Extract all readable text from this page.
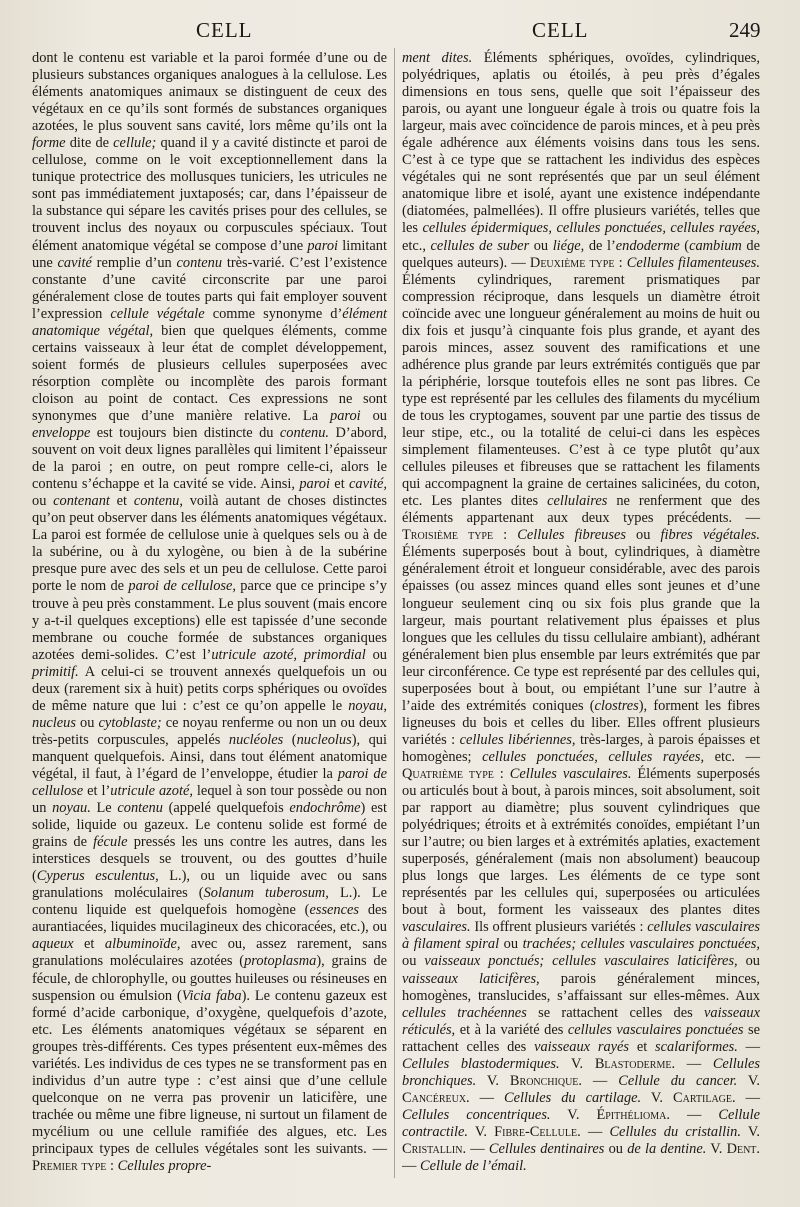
CELL	CELL	249

dont le contenu est variable et la paroi formée d’une ou de plusieurs substances organiques analogues à la cellulose. Les éléments anatomiques animaux se distinguent de ceux des végétaux en ce qu’ils sont formés de substances organiques azotées, le plus souvent sans cavité, lors même qu’ils ont la forme dite de cellule; quand il y a cavité distincte et paroi de cellulose, comme on le voit exceptionnellement dans la tunique protectrice des mollusques tuniciers, les utricules ne sont pas immédiatement juxtaposés; car, dans l’épaisseur de la substance qui sépare les cavités prises pour des cellules, se trouvent inclus des noyaux ou corpuscules spéciaux. Tout élément anatomique végétal se compose d’une paroi limitant une cavité remplie d’un contenu très-varié. C’est l’existence constante d’une cavité circonscrite par une paroi généralement close de toutes parts qui fait employer souvent l’expression cellule végétale comme synonyme d’élément anatomique végétal, bien que quelques éléments, comme certains vaisseaux à leur état de complet développement, soient formés de plusieurs cellules superposées avec résorption complète ou incomplète des parois formant cloison au point de contact. Ces expressions ne sont synonymes que d’une manière relative. La paroi ou enveloppe est toujours bien distincte du contenu. D’abord, souvent on voit deux lignes parallèles qui limitent l’épaisseur de la paroi ; en outre, on peut rompre celle-ci, alors le contenu s’échappe et la cavité se vide. Ainsi, paroi et cavité, ou contenant et contenu, voilà autant de choses distinctes qu’on peut observer dans les éléments anatomiques végétaux. La paroi est formée de cellulose unie à quelques sels ou à de la subérine, ou à du xylogène, ou bien à de la subérine presque pure avec des sels et un peu de cellulose. Cette paroi porte le nom de paroi de cellulose, parce que ce principe s’y trouve à peu près constamment. Le plus souvent (mais encore y a-t-il quelques exceptions) elle est tapissée d’une seconde membrane ou couche formée de substances organiques azotées demi-solides. C’est l’utricule azoté, primordial ou primitif. A celui-ci se trouvent annexés quelquefois un ou deux (rarement six à huit) petits corps sphériques ou ovoïdes de même nature que lui : c’est ce qu’on appelle le noyau, nucleus ou cytoblaste; ce noyau renferme ou non un ou deux très-petits corpuscules, appelés nucléoles (nucleolus), qui manquent quelquefois. Ainsi, dans tout élément anatomique végétal, il faut, à l’égard de l’enveloppe, étudier la paroi de cellulose et l’utricule azoté, lequel à son tour possède ou non un noyau. Le contenu (appelé quelquefois endochrôme) est solide, liquide ou gazeux. Le contenu solide est formé de grains de fécule pressés les uns contre les autres, dans les interstices desquels se trouvent, ou des gouttes d’huile (Cyperus esculentus, L.), ou un liquide avec ou sans granulations moléculaires (Solanum tuberosum, L.). Le contenu liquide est quelquefois homogène (essences des aurantiacées, liquides mucilagineux des chicoracées, etc.), ou aqueux et albuminoïde, avec ou, assez rarement, sans granulations moléculaires azotées (protoplasma), grains de fécule, de chlorophylle, ou gouttes huileuses ou résineuses en suspension ou émulsion (Vicia faba). Le contenu gazeux est formé d’acide carbonique, d’oxygène, quelquefois d’azote, etc. Les éléments anatomiques végétaux se séparent en groupes très-différents. Ces types présentent eux-mêmes des variétés. Les individus de ces types ne se transforment pas en individus d’un autre type : c’est ainsi que d’une cellule quelconque on ne verra pas provenir un laticifère, une trachée ou même une fibre ligneuse, ni surtout un filament de mycélium ou une cellule ramifiée des algues, etc. Les principaux types de cellules végétales sont les suivants. — Premier type : Cellules propre-

ment dites. Éléments sphériques, ovoïdes, cylindriques, polyédriques, aplatis ou étoilés, à peu près d’égales dimensions en tous sens, quelle que soit l’épaisseur des parois, ou ayant une longueur égale à trois ou quatre fois la largeur, mais avec coïncidence de parois minces, et à peu près égale adhérence aux éléments voisins dans tous les sens. C’est à ce type que se rattachent les individus des espèces végétales qui ne sont représentés que par un seul élément anatomique libre et isolé, ayant une existence indépendante (diatomées, palmellées). Il offre plusieurs variétés, telles que les cellules épidermiques, cellules ponctuées, cellules rayées, etc., cellules de suber ou liége, de l’endoderme (cambium de quelques auteurs). — Deuxième type : Cellules filamenteuses. Éléments cylindriques, rarement prismatiques par compression réciproque, dans lesquels un diamètre étroit coïncide avec une longueur généralement au moins de huit ou dix fois et jusqu’à cinquante fois plus grande, et ayant des parois minces, assez souvent des ramifications et une adhérence plus grande par leurs extrémités contiguës que par la périphérie, lorsque toutefois elles ne sont pas libres. Ce type est représenté par les cellules des filaments du mycélium de tous les cryptogames, souvent par une partie des tissus de leur stipe, etc., ou la totalité de celui-ci dans les espèces simplement filamenteuses. C’est à ce type plutôt qu’aux cellules pileuses et fibreuses que se rattachent les filaments qui accompagnent la graine de certaines salicinées, du coton, etc. Les plantes dites cellulaires ne renferment que des éléments appartenant aux deux types précédents. — Troisième type : Cellules fibreuses ou fibres végétales. Éléments superposés bout à bout, cylindriques, à diamètre généralement étroit et longueur considérable, avec des parois épaisses (ou assez minces quand elles sont jeunes et d’une longueur seulement cinq ou six fois plus grande que la largeur, mais pourtant relativement plus épaisses et plus longues que les cellules du tissu cellulaire ambiant), adhérant généralement bien plus ensemble par leurs extrémités que par leur circonférence. Ce type est représenté par des cellules qui, superposées bout à bout, ou empiétant l’une sur l’autre à l’aide des extrémités coniques (clostres), forment les fibres ligneuses du bois et celles du liber. Elles offrent plusieurs variétés : cellules libériennes, très-larges, à parois épaisses et homogènes; cellules ponctuées, cellules rayées, etc. — Quatrième type : Cellules vasculaires. Éléments superposés ou articulés bout à bout, à parois minces, soit absolument, soit par rapport au diamètre; plus souvent cylindriques que polyédriques; étroits et à extrémités conoïdes, empiétant l’un sur l’autre; ou bien larges et à extrémités aplaties, exactement superposés, généralement (mais non absolument) beaucoup plus longs que larges. Les éléments de ce type sont représentés par les cellules qui, superposées ou articulées bout à bout, forment les vaisseaux des plantes dites vasculaires. Ils offrent plusieurs variétés : cellules vasculaires à filament spiral ou trachées; cellules vasculaires ponctuées, ou vaisseaux ponctués; cellules vasculaires laticifères, ou vaisseaux laticifères, parois généralement minces, homogènes, translucides, s’affaissant sur elles-mêmes. Aux cellules trachéennes se rattachent celles des vaisseaux réticulés, et à la variété des cellules vasculaires ponctuées se rattachent celles des vaisseaux rayés et scalariformes. — Cellules blastodermiques. V. Blastoderme. — Cellules bronchiques. V. Bronchique. — Cellule du cancer. V. Cancéreux. — Cellules du cartilage. V. Cartilage. — Cellules concentriques. V. Épithélioma. — Cellule contractile. V. Fibre-Cellule. — Cellules du cristallin. V. Cristallin. — Cellules dentinaires ou de la dentine. V. Dent. — Cellule de l’émail.
